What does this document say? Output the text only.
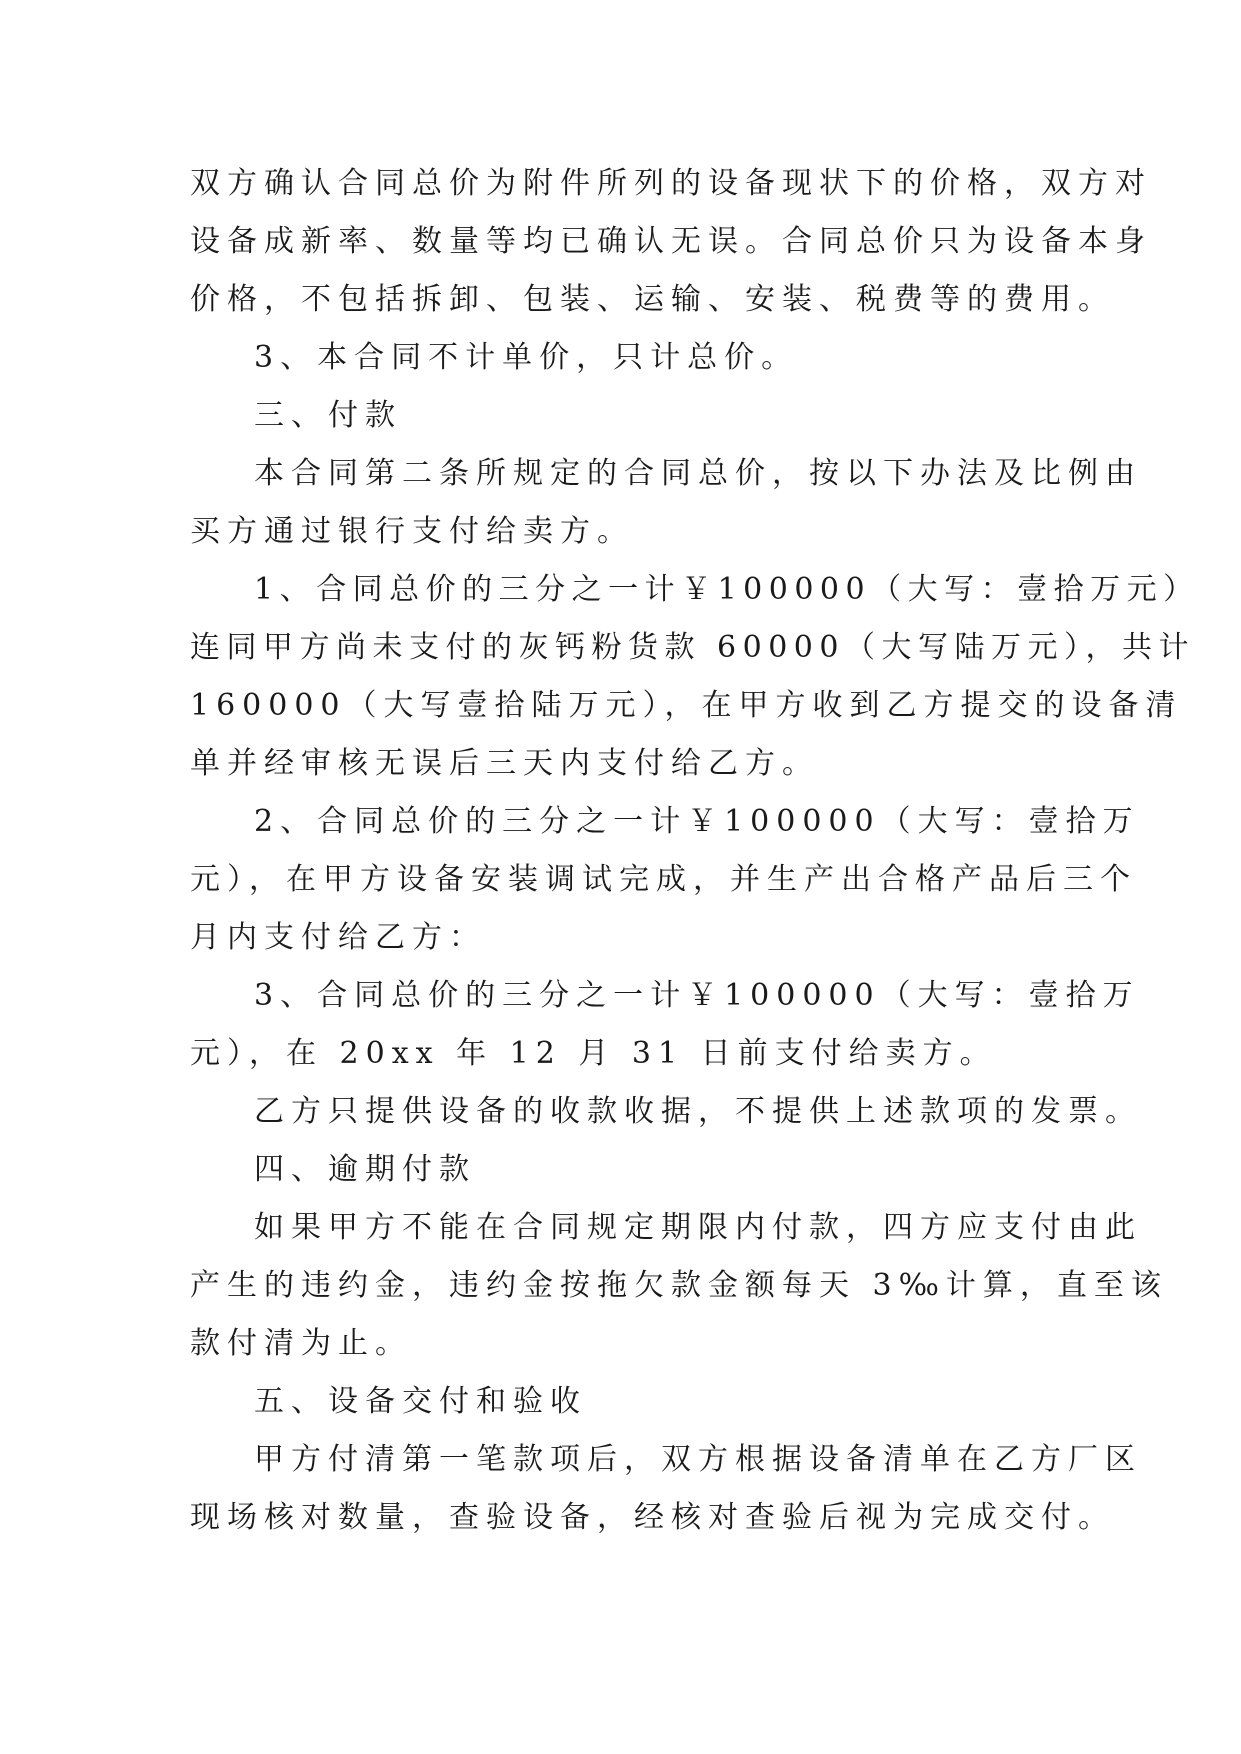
双方确认合同总价为附件所列的设备现状下的价格，双方对
设备成新率、数量等均已确认无误。合同总价只为设备本身
价格，不包括拆卸、包装、运输、安装、税费等的费用。
3、本合同不计单价，只计总价。
三、付款
本合同第二条所规定的合同总价，按以下办法及比例由
买方通过银行支付给卖方。
1、合同总价的三分之一计￥100000（大写：壹拾万元）
连同甲方尚未支付的灰钙粉货款 60000（大写陆万元），共计
160000（大写壹拾陆万元），在甲方收到乙方提交的设备清
单并经审核无误后三天内支付给乙方。
2、合同总价的三分之一计￥100000（大写：壹拾万
元），在甲方设备安装调试完成，并生产出合格产品后三个
月内支付给乙方：
3、合同总价的三分之一计￥100000（大写：壹拾万
元），在 20xx 年 12 月 31 日前支付给卖方。
乙方只提供设备的收款收据，不提供上述款项的发票。
四、逾期付款
如果甲方不能在合同规定期限内付款，四方应支付由此
产生的违约金，违约金按拖欠款金额每天 3‰计算，直至该
款付清为止。
五、设备交付和验收
甲方付清第一笔款项后，双方根据设备清单在乙方厂区
现场核对数量，查验设备，经核对查验后视为完成交付。
